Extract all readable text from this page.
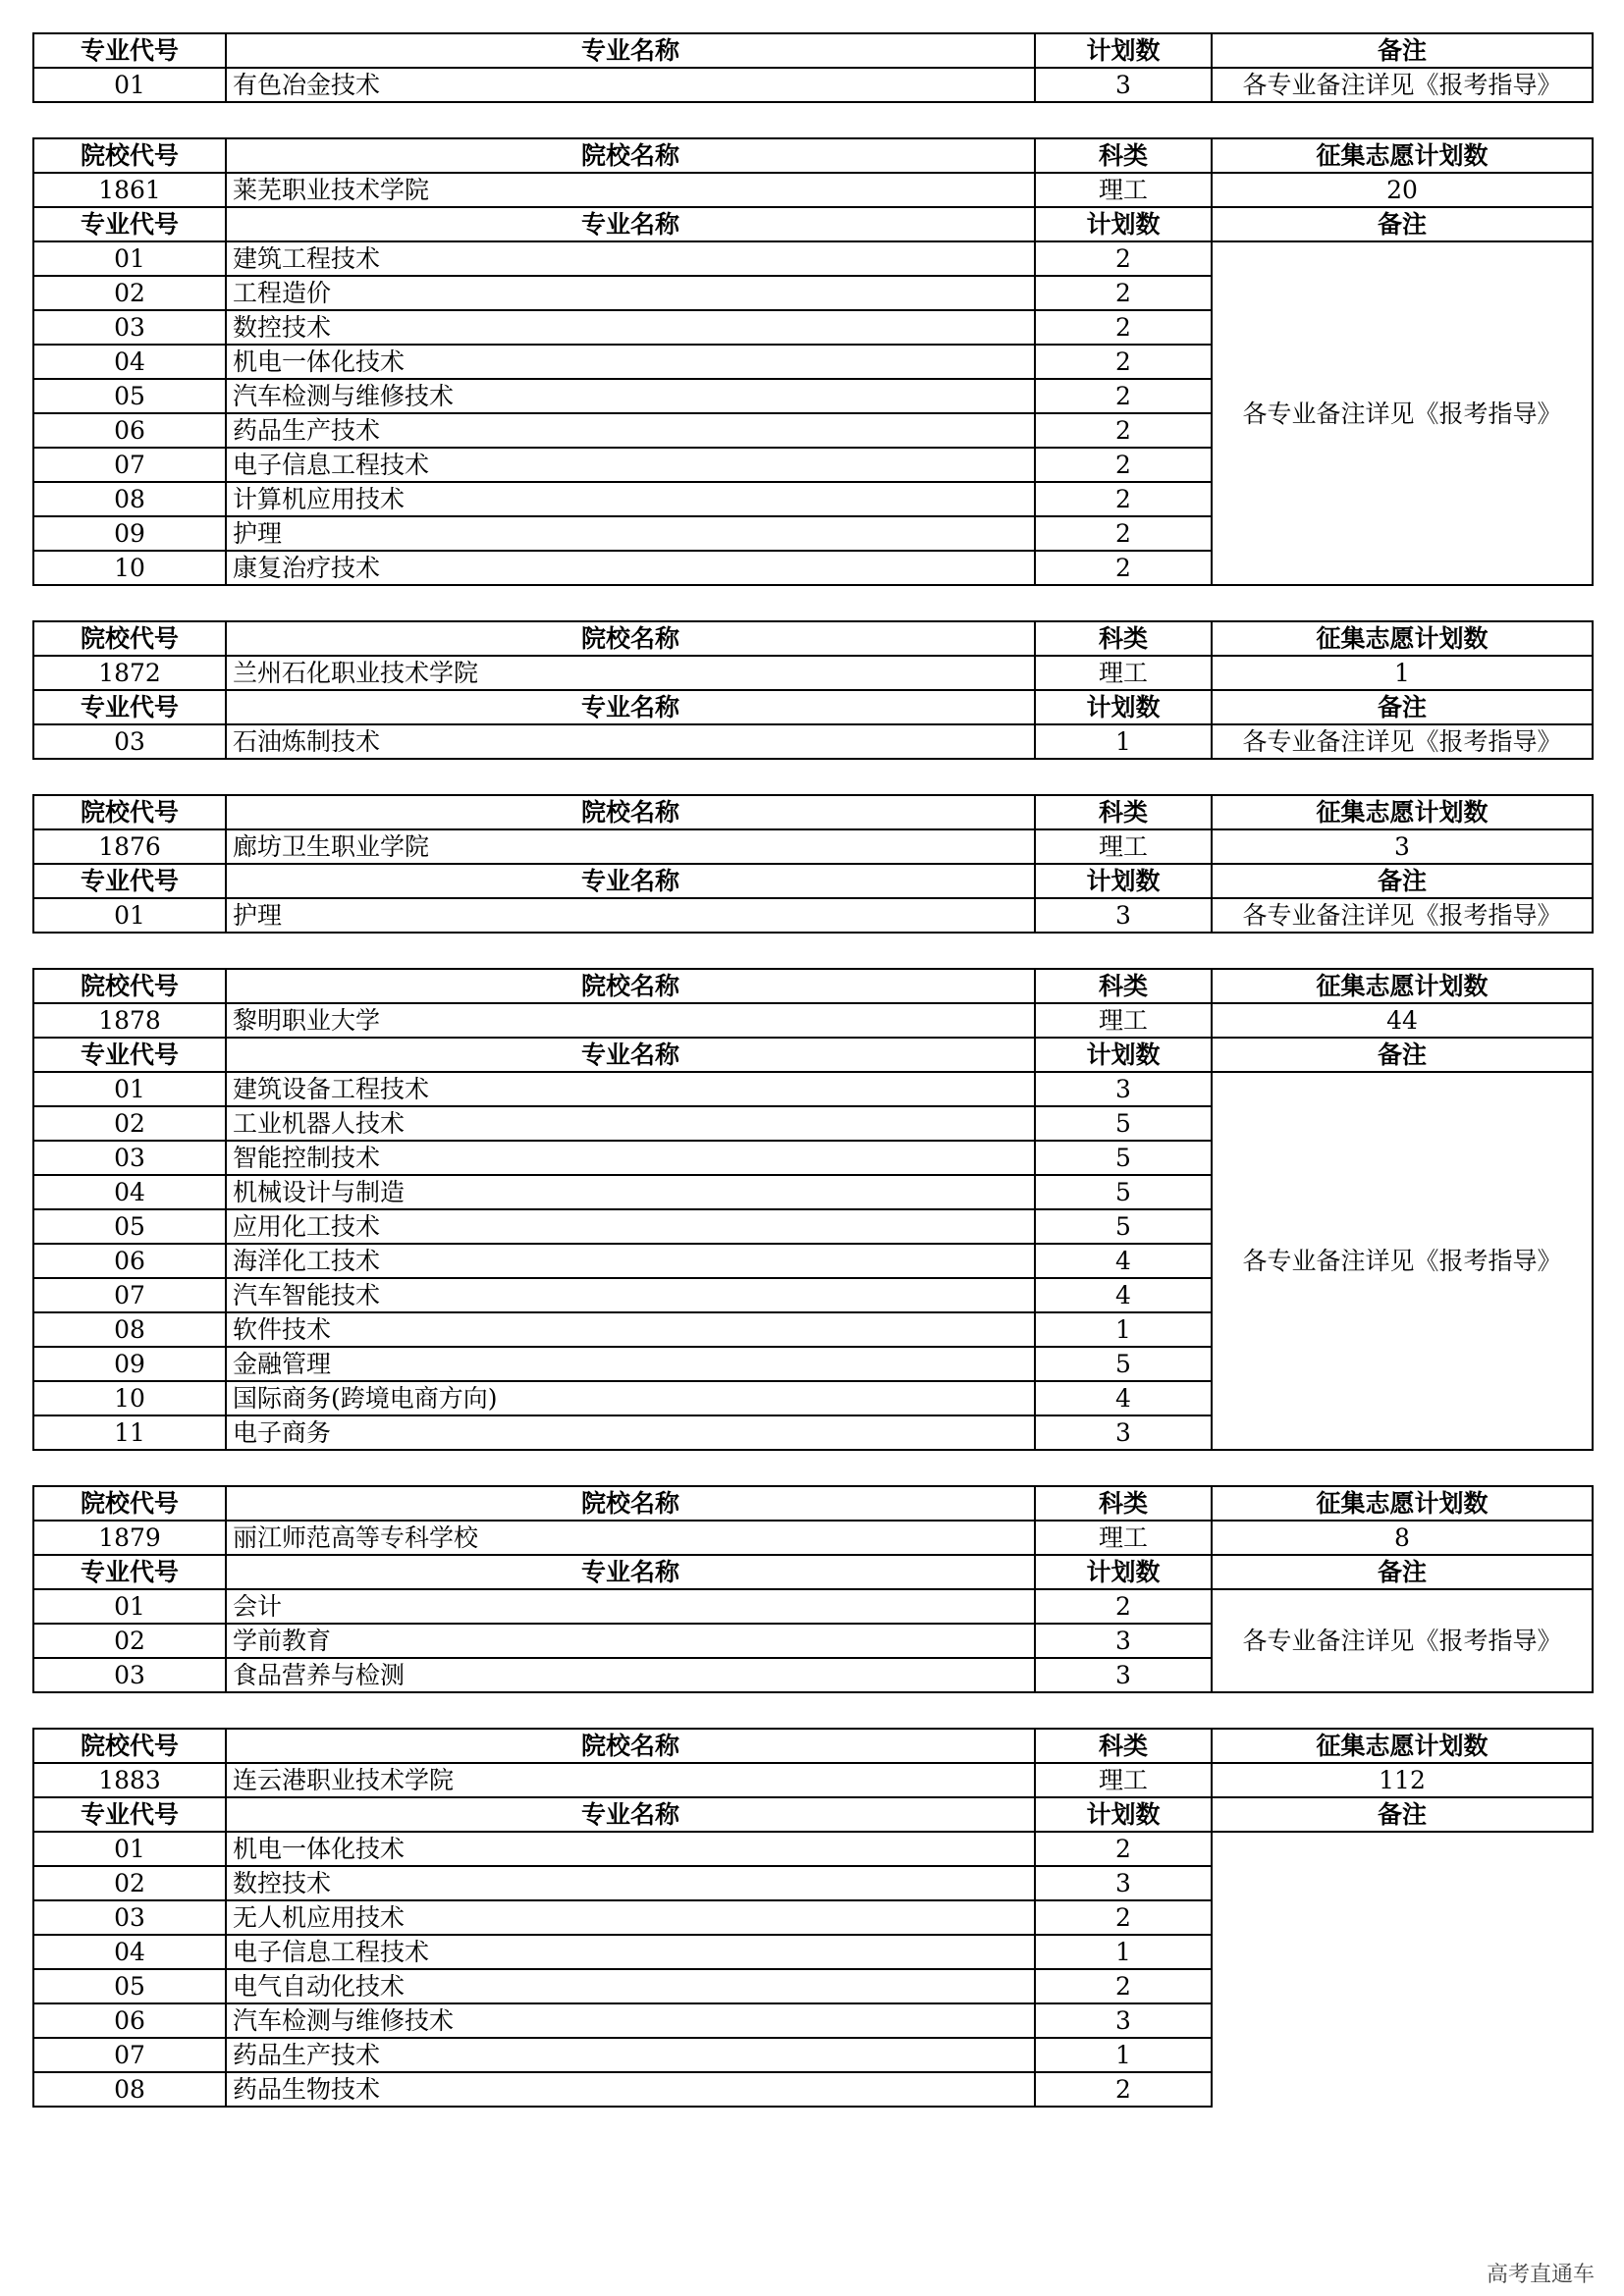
专业代号	专业名称	计划数	备注
01	有色冶金技术	3	各专业备注详见《报考指导》
院校代号	院校名称	科类	征集志愿计划数
1861	莱芜职业技术学院	理工	20
专业代号	专业名称	计划数	备注
01	建筑工程技术	2	各专业备注详见《报考指导》
02	工程造价	2	
03	数控技术	2	
04	机电一体化技术	2	
05	汽车检测与维修技术	2	
06	药品生产技术	2	
07	电子信息工程技术	2	
08	计算机应用技术	2	
09	护理	2	
10	康复治疗技术	2	
院校代号	院校名称	科类	征集志愿计划数
1872	兰州石化职业技术学院	理工	1
专业代号	专业名称	计划数	备注
03	石油炼制技术	1	各专业备注详见《报考指导》
院校代号	院校名称	科类	征集志愿计划数
1876	廊坊卫生职业学院	理工	3
专业代号	专业名称	计划数	备注
01	护理	3	各专业备注详见《报考指导》
院校代号	院校名称	科类	征集志愿计划数
1878	黎明职业大学	理工	44
专业代号	专业名称	计划数	备注
01	建筑设备工程技术	3	各专业备注详见《报考指导》
02	工业机器人技术	5	
03	智能控制技术	5	
04	机械设计与制造	5	
05	应用化工技术	5	
06	海洋化工技术	4	
07	汽车智能技术	4	
08	软件技术	1	
09	金融管理	5	
10	国际商务(跨境电商方向)	4	
11	电子商务	3	
院校代号	院校名称	科类	征集志愿计划数
1879	丽江师范高等专科学校	理工	8
专业代号	专业名称	计划数	备注
01	会计	2	各专业备注详见《报考指导》
02	学前教育	3	
03	食品营养与检测	3	
院校代号	院校名称	科类	征集志愿计划数
1883	连云港职业技术学院	理工	112
专业代号	专业名称	计划数	备注
01	机电一体化技术	2	
02	数控技术	3	
03	无人机应用技术	2	
04	电子信息工程技术	1	
05	电气自动化技术	2	
06	汽车检测与维修技术	3	
07	药品生产技术	1	
08	药品生物技术	2	
高考直通车
